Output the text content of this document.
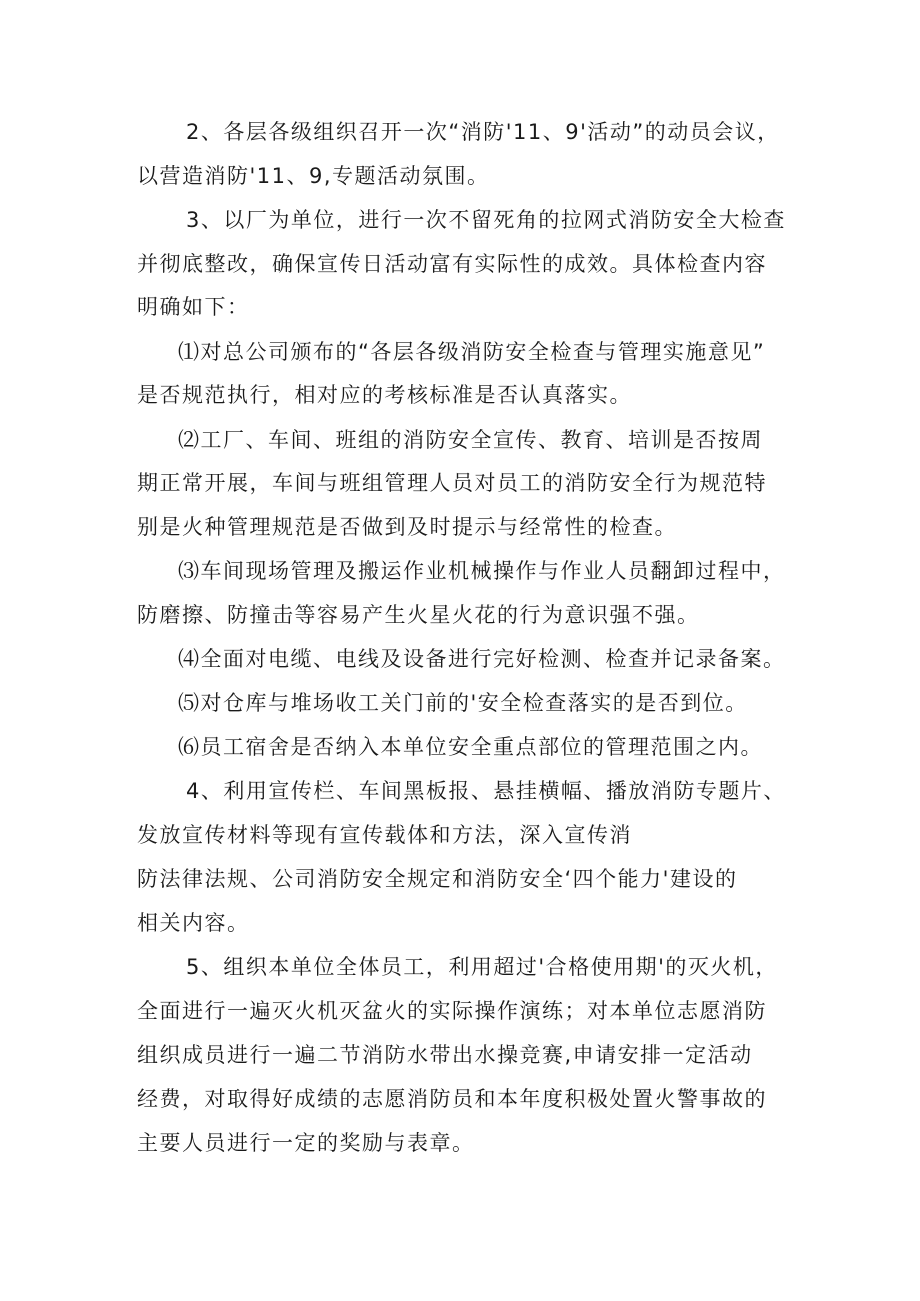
2、各层各级组织召开一次“消防'11、9'活动”的动员会议，
以营造消防'11、9,专题活动氛围。
3、以厂为单位，进行一次不留死角的拉网式消防安全大检查
并彻底整改，确保宣传日活动富有实际性的成效。具体检查内容
明确如下：
⑴对总公司颁布的“各层各级消防安全检查与管理实施意见”
是否规范执行，相对应的考核标准是否认真落实。
⑵工厂、车间、班组的消防安全宣传、教育、培训是否按周
期正常开展，车间与班组管理人员对员工的消防安全行为规范特
别是火种管理规范是否做到及时提示与经常性的检查。
⑶车间现场管理及搬运作业机械操作与作业人员翻卸过程中，
防磨擦、防撞击等容易产生火星火花的行为意识强不强。
⑷全面对电缆、电线及设备进行完好检测、检查并记录备案。
⑸对仓库与堆场收工关门前的'安全检查落实的是否到位。
⑹员工宿舍是否纳入本单位安全重点部位的管理范围之内。
4、利用宣传栏、车间黑板报、悬挂横幅、播放消防专题片、
发放宣传材料等现有宣传载体和方法，深入宣传消
防法律法规、公司消防安全规定和消防安全‘四个能力'建设的
相关内容。
5、组织本单位全体员工，利用超过'合格使用期'的灭火机，
全面进行一遍灭火机灭盆火的实际操作演练；对本单位志愿消防
组织成员进行一遍二节消防水带出水操竞赛,申请安排一定活动
经费，对取得好成绩的志愿消防员和本年度积极处置火警事故的
主要人员进行一定的奖励与表章。
